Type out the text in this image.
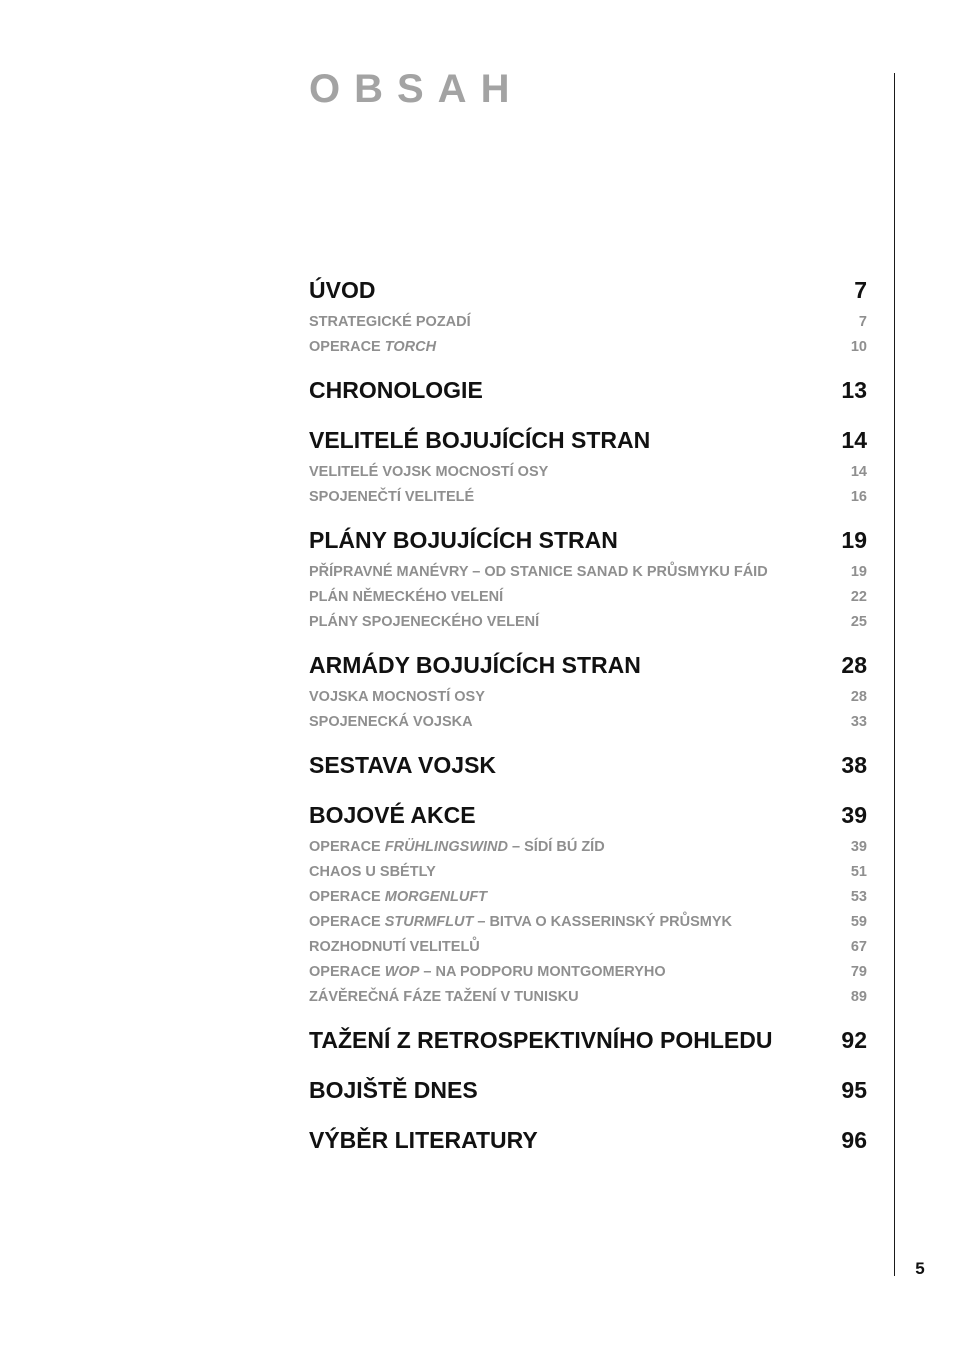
OBSAH
ÚVOD	7
STRATEGICKÉ POZADÍ	7
OPERACE TORCH	10
CHRONOLOGIE	13
VELITELÉ BOJUJÍCÍCH STRAN	14
VELITELÉ VOJSK MOCNOSTÍ OSY	14
SPOJENEČTÍ VELITELÉ	16
PLÁNY BOJUJÍCÍCH STRAN	19
PŘÍPRAVNÉ MANÉVRY – OD STANICE SANAD K PRŮSMYKU FÁID	19
PLÁN NĚMECKÉHO VELENÍ	22
PLÁNY SPOJENECKÉHO VELENÍ	25
ARMÁDY BOJUJÍCÍCH STRAN	28
VOJSKA MOCNOSTÍ OSY	28
SPOJENECKÁ VOJSKA	33
SESTAVA VOJSK	38
BOJOVÉ AKCE	39
OPERACE FRÜHLINGSWIND – SÍDÍ BÚ ZÍD	39
CHAOS U SBÉTLY	51
OPERACE MORGENLUFT	53
OPERACE STURMFLUT – BITVA O KASSERINSKÝ PRŮSMYK	59
ROZHODNUTÍ VELITELŮ	67
OPERACE WOP – NA PODPORU MONTGOMERYHO	79
ZÁVĚREČNÁ FÁZE TAŽENÍ V TUNISKU	89
TAŽENÍ Z RETROSPEKTIVNÍHO POHLEDU	92
BOJIŠTĚ DNES	95
VÝBĚR LITERATURY	96
5
